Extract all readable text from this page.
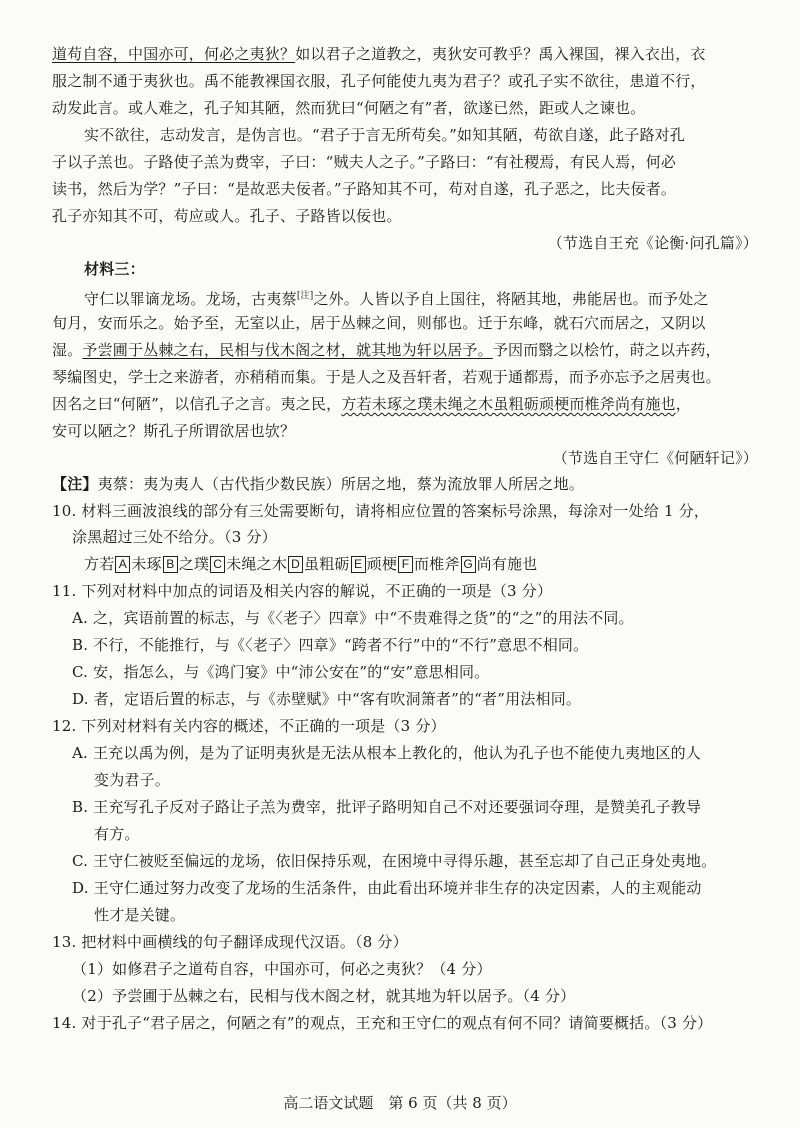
道苟自容，中国亦可，何必之夷狄？如以君子之道教之，夷狄安可教乎？禹入裸国，裸入衣出，衣
服之制不通于夷狄也。禹不能教裸国衣服，孔子何能使九夷为君子？或孔子实不欲往，患道不行，
动发此言。或人难之，孔子知其陋，然而犹曰“何陋之有”者，欲遂已然，距或人之谏也。
实不欲往，志动发言，是伪言也。“君子于言无所苟矣。”如知其陋，苟欲自遂，此子路对孔
子以子羔也。子路使子羔为费宰，子曰：“贼夫人之子。”子路曰：“有社稷焉，有民人焉，何必
读书，然后为学？”子曰：“是故恶夫佞者。”子路知其不可，苟对自遂，孔子恶之，比夫佞者。
孔子亦知其不可，苟应或人。孔子、子路皆以佞也。
（节选自王充《论衡·问孔篇》）
材料三：
守仁以罪谪龙场。龙场，古夷蔡[注]之外。人皆以予自上国往，将陋其地，弗能居也。而予处之
旬月，安而乐之。始予至，无室以止，居于丛棘之间，则郁也。迁于东峰，就石穴而居之，又阴以
湿。予尝圃于丛棘之右，民相与伐木阁之材，就其地为轩以居予。予因而翳之以桧竹，莳之以卉药，
琴编图史，学士之来游者，亦稍稍而集。于是人之及吾轩者，若观于通都焉，而予亦忘予之居夷也。
因名之曰“何陋”，以信孔子之言。夷之民，方若未琢之璞未绳之木虽粗砺顽梗而椎斧尚有施也，
安可以陋之？斯孔子所谓欲居也欤？
（节选自王守仁《何陋轩记》）
【注】夷蔡：夷为夷人（古代指少数民族）所居之地，蔡为流放罪人所居之地。
10. 材料三画波浪线的部分有三处需要断句，请将相应位置的答案标号涂黑，每涂对一处给 1 分，
涂黑超过三处不给分。（3 分）
方若 A 未琢 B 之璞 C 未绳之木 D 虽粗砺 E 顽梗 F 而椎斧 G 尚有施也
11. 下列对材料中加点的词语及相关内容的解说，不正确的一项是（3 分）
A. 之，宾语前置的标志，与《〈老子〉四章》中“不贵难得之货”的“之”的用法不同。
B. 不行，不能推行，与《〈老子〉四章》“跨者不行”中的“不行”意思不相同。
C. 安，指怎么，与《鸿门宴》中“沛公安在”的“安”意思相同。
D. 者，定语后置的标志，与《赤壁赋》中“客有吹洞箫者”的“者”用法相同。
12. 下列对材料有关内容的概述，不正确的一项是（3 分）
A. 王充以禹为例，是为了证明夷狄是无法从根本上教化的，他认为孔子也不能使九夷地区的人
变为君子。
B. 王充写孔子反对子路让子羔为费宰，批评子路明知自己不对还要强词夺理，是赞美孔子教导
有方。
C. 王守仁被贬至偏远的龙场，依旧保持乐观，在困境中寻得乐趣，甚至忘却了自己正身处夷地。
D. 王守仁通过努力改变了龙场的生活条件，由此看出环境并非生存的决定因素，人的主观能动
性才是关键。
13. 把材料中画横线的句子翻译成现代汉语。（8 分）
（1）如修君子之道苟自容，中国亦可，何必之夷狄？（4 分）
（2）予尝圃于丛棘之右，民相与伐木阁之材，就其地为轩以居予。（4 分）
14. 对于孔子“君子居之，何陋之有”的观点，王充和王守仁的观点有何不同？请简要概括。（3 分）
高二语文试题　第 6 页（共 8 页）
